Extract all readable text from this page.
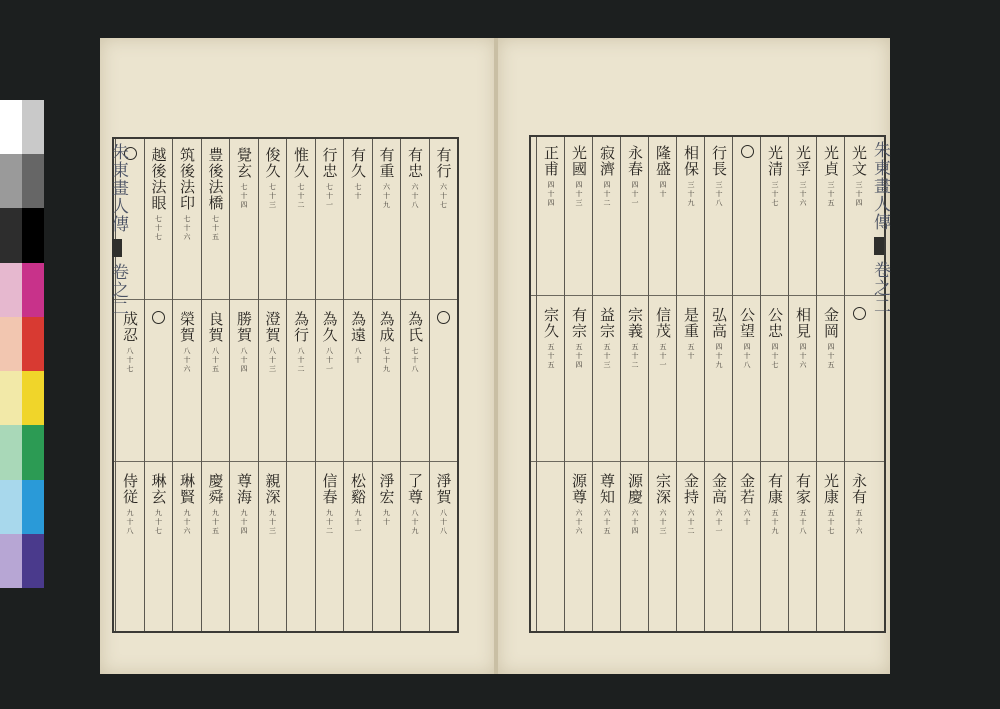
有行
六十七
淨賀
八十八
有忠
六十八
為氏
七十八
了尊
八十九
有重
六十九
為成
七十九
淨宏
九十
有久
七十
為遠
八十
松谿
九十一
行忠
七十一
為久
八十一
信春
九十二
惟久
七十二
為行
八十二
俊久
七十三
澄賀
八十三
親深
九十三
覺玄
七十四
勝賀
八十四
尊海
九十四
豊後法橋
七十五
良賀
八十五
慶舜
九十五
筑後法印
七十六
榮賀
八十六
琳賢
九十六
越後法眼
七十七
琳玄
九十七
成忍
八十七
侍従
九十八
朱東畫人傳
卷之二
光文
三十四
永有
五十六
光貞
三十五
金岡
四十五
光康
五十七
光孚
三十六
相見
四十六
有家
五十八
光清
三十七
公忠
四十七
有康
五十九
公望
四十八
金若
六十
行長
三十八
弘高
四十九
金高
六十一
相保
三十九
是重
五十
金持
六十二
隆盛
四十
信茂
五十一
宗深
六十三
永春
四十一
宗義
五十二
源慶
六十四
寂濟
四十二
益宗
五十三
尊知
六十五
光國
四十三
有宗
五十四
源尊
六十六
正甫
四十四
宗久
五十五
朱東畫人傳
卷之二
